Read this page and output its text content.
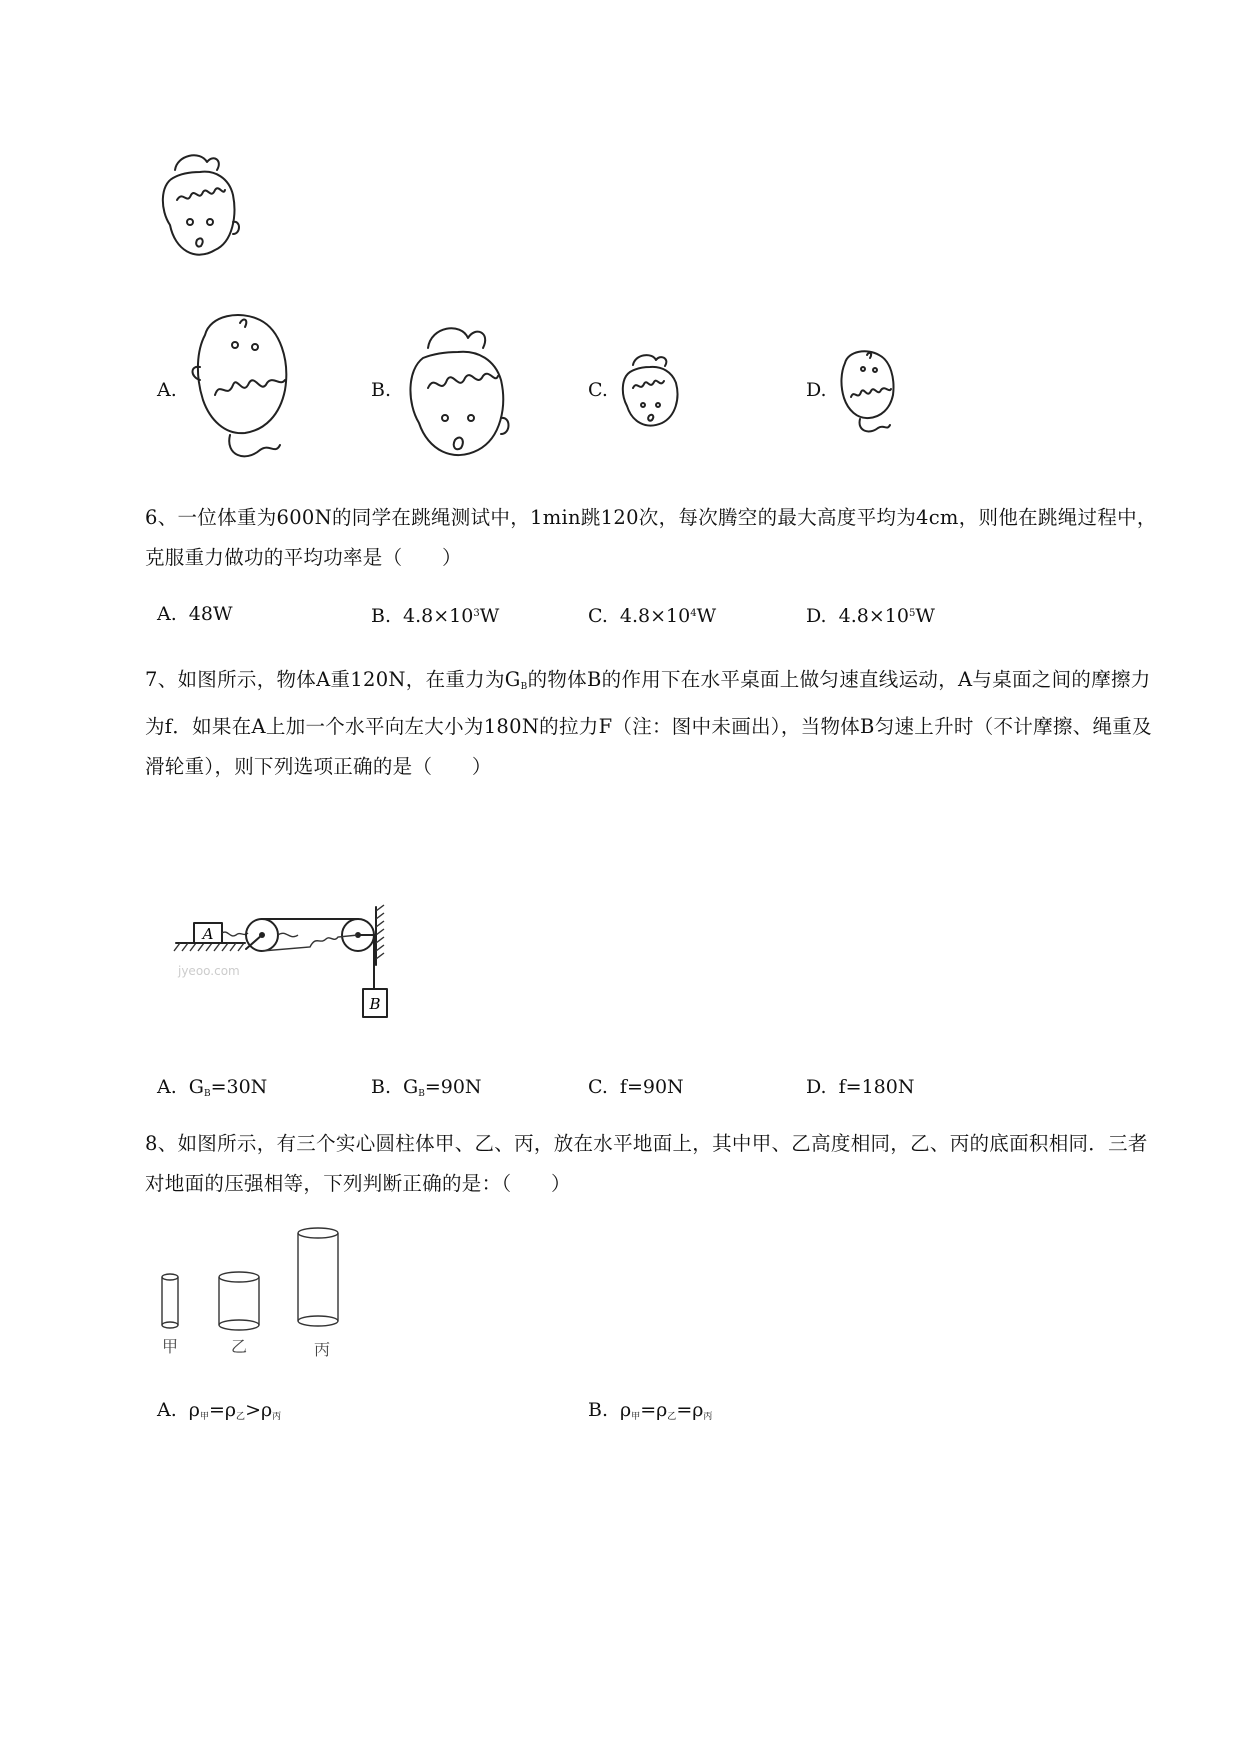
A.	B.	C.	D.
6、一位体重为600N的同学在跳绳测试中，1min跳120次，每次腾空的最大高度平均为4cm，则他在跳绳过程中，克服重力做功的平均功率是（　　）
A. 48W	B. $4.8\times 10^3W$	C. $4.8\times 10^4W$	D. $4.8\times 10^5W$
7、如图所示，物体A重120N，在重力为$G_B$的物体B的作用下在水平桌面上做匀速直线运动，A与桌面之间的摩擦力为f．如果在A上加一个水平向左大小为180N的拉力F（注：图中未画出），当物体B匀速上升时（不计摩擦、绳重及滑轮重），则下列选项正确的是（　　）
A
B
jyeoo.com
A. $G_B=30N$	B. $G_B=90N$	C. f=90N	D. f=180N
8、如图所示，有三个实心圆柱体甲、乙、丙，放在水平地面上，其中甲、乙高度相同，乙、丙的底面积相同．三者对地面的压强相等，下列判断正确的是：（　　）
甲	乙	丙
A. $\rho_甲=\rho_乙>\rho_丙$	B. $\rho_甲=\rho_乙=\rho_丙$
